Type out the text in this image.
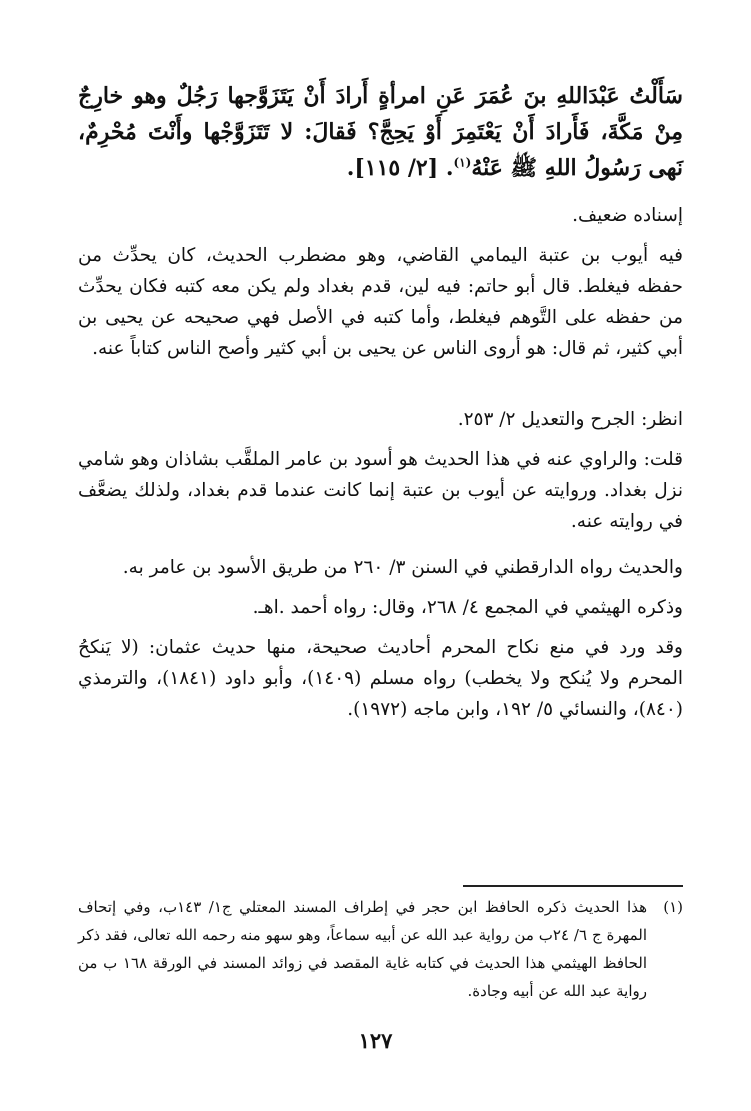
سَأَلْتُ عَبْدَاللهِ بنَ عُمَرَ عَنِ امرأةٍ أَرادَ أَنْ يَتَزَوَّجها رَجُلٌ وهو خارِجٌ مِنْ مَكَّةَ، فَأَرادَ أَنْ يَعْتَمِرَ أَوْ يَحِجَّ؟ فَقالَ: لا تَتَزَوَّجْها وأَنْتَ مُحْرِمٌ، نَهى رَسُولُ اللهِ ﷺ عَنْهُ$^{(١)}$. [٢/ ١١٥].
إسناده ضعيف.
فيه أيوب بن عتبة اليمامي القاضي، وهو مضطرب الحديث، كان يحدِّث من حفظه فيغلط. قال أبو حاتم: فيه لين، قدم بغداد ولم يكن معه كتبه فكان يحدِّث من حفظه على التَّوهم فيغلط، وأما كتبه في الأصل فهي صحيحه عن يحيى بن أبي كثير، ثم قال: هو أروى الناس عن يحيى بن أبي كثير وأصح الناس كتاباً عنه.
انظر: الجرح والتعديل ٢/ ٢٥٣.
قلت: والراوي عنه في هذا الحديث هو أسود بن عامر الملقَّب بشاذان وهو شامي نزل بغداد. وروايته عن أيوب بن عتبة إنما كانت عندما قدم بغداد، ولذلك يضعَّف في روايته عنه.
والحديث رواه الدارقطني في السنن ٣/ ٢٦٠ من طريق الأسود بن عامر به.
وذكره الهيثمي في المجمع ٤/ ٢٦٨، وقال: رواه أحمد .اهـ.
وقد ورد في منع نكاح المحرم أحاديث صحيحة، منها حديث عثمان: (لا يَنكحُ المحرم ولا يُنكح ولا يخطب) رواه مسلم (١٤٠٩)، وأبو داود (١٨٤١)، والترمذي (٨٤٠)، والنسائي ٥/ ١٩٢، وابن ماجه (١٩٧٢).
(١)
هذا الحديث ذكره الحافظ ابن حجر في إطراف المسند المعتلي ج١/ ١٤٣ب، وفي إتحاف المهرة ج ٦/ ٢٤ب من رواية عبد الله عن أبيه سماعاً، وهو سهو منه رحمه الله تعالى، فقد ذكر الحافظ الهيثمي هذا الحديث في كتابه غاية المقصد في زوائد المسند في الورقة ١٦٨ ب من رواية عبد الله عن أبيه وجادة.
١٢٧
